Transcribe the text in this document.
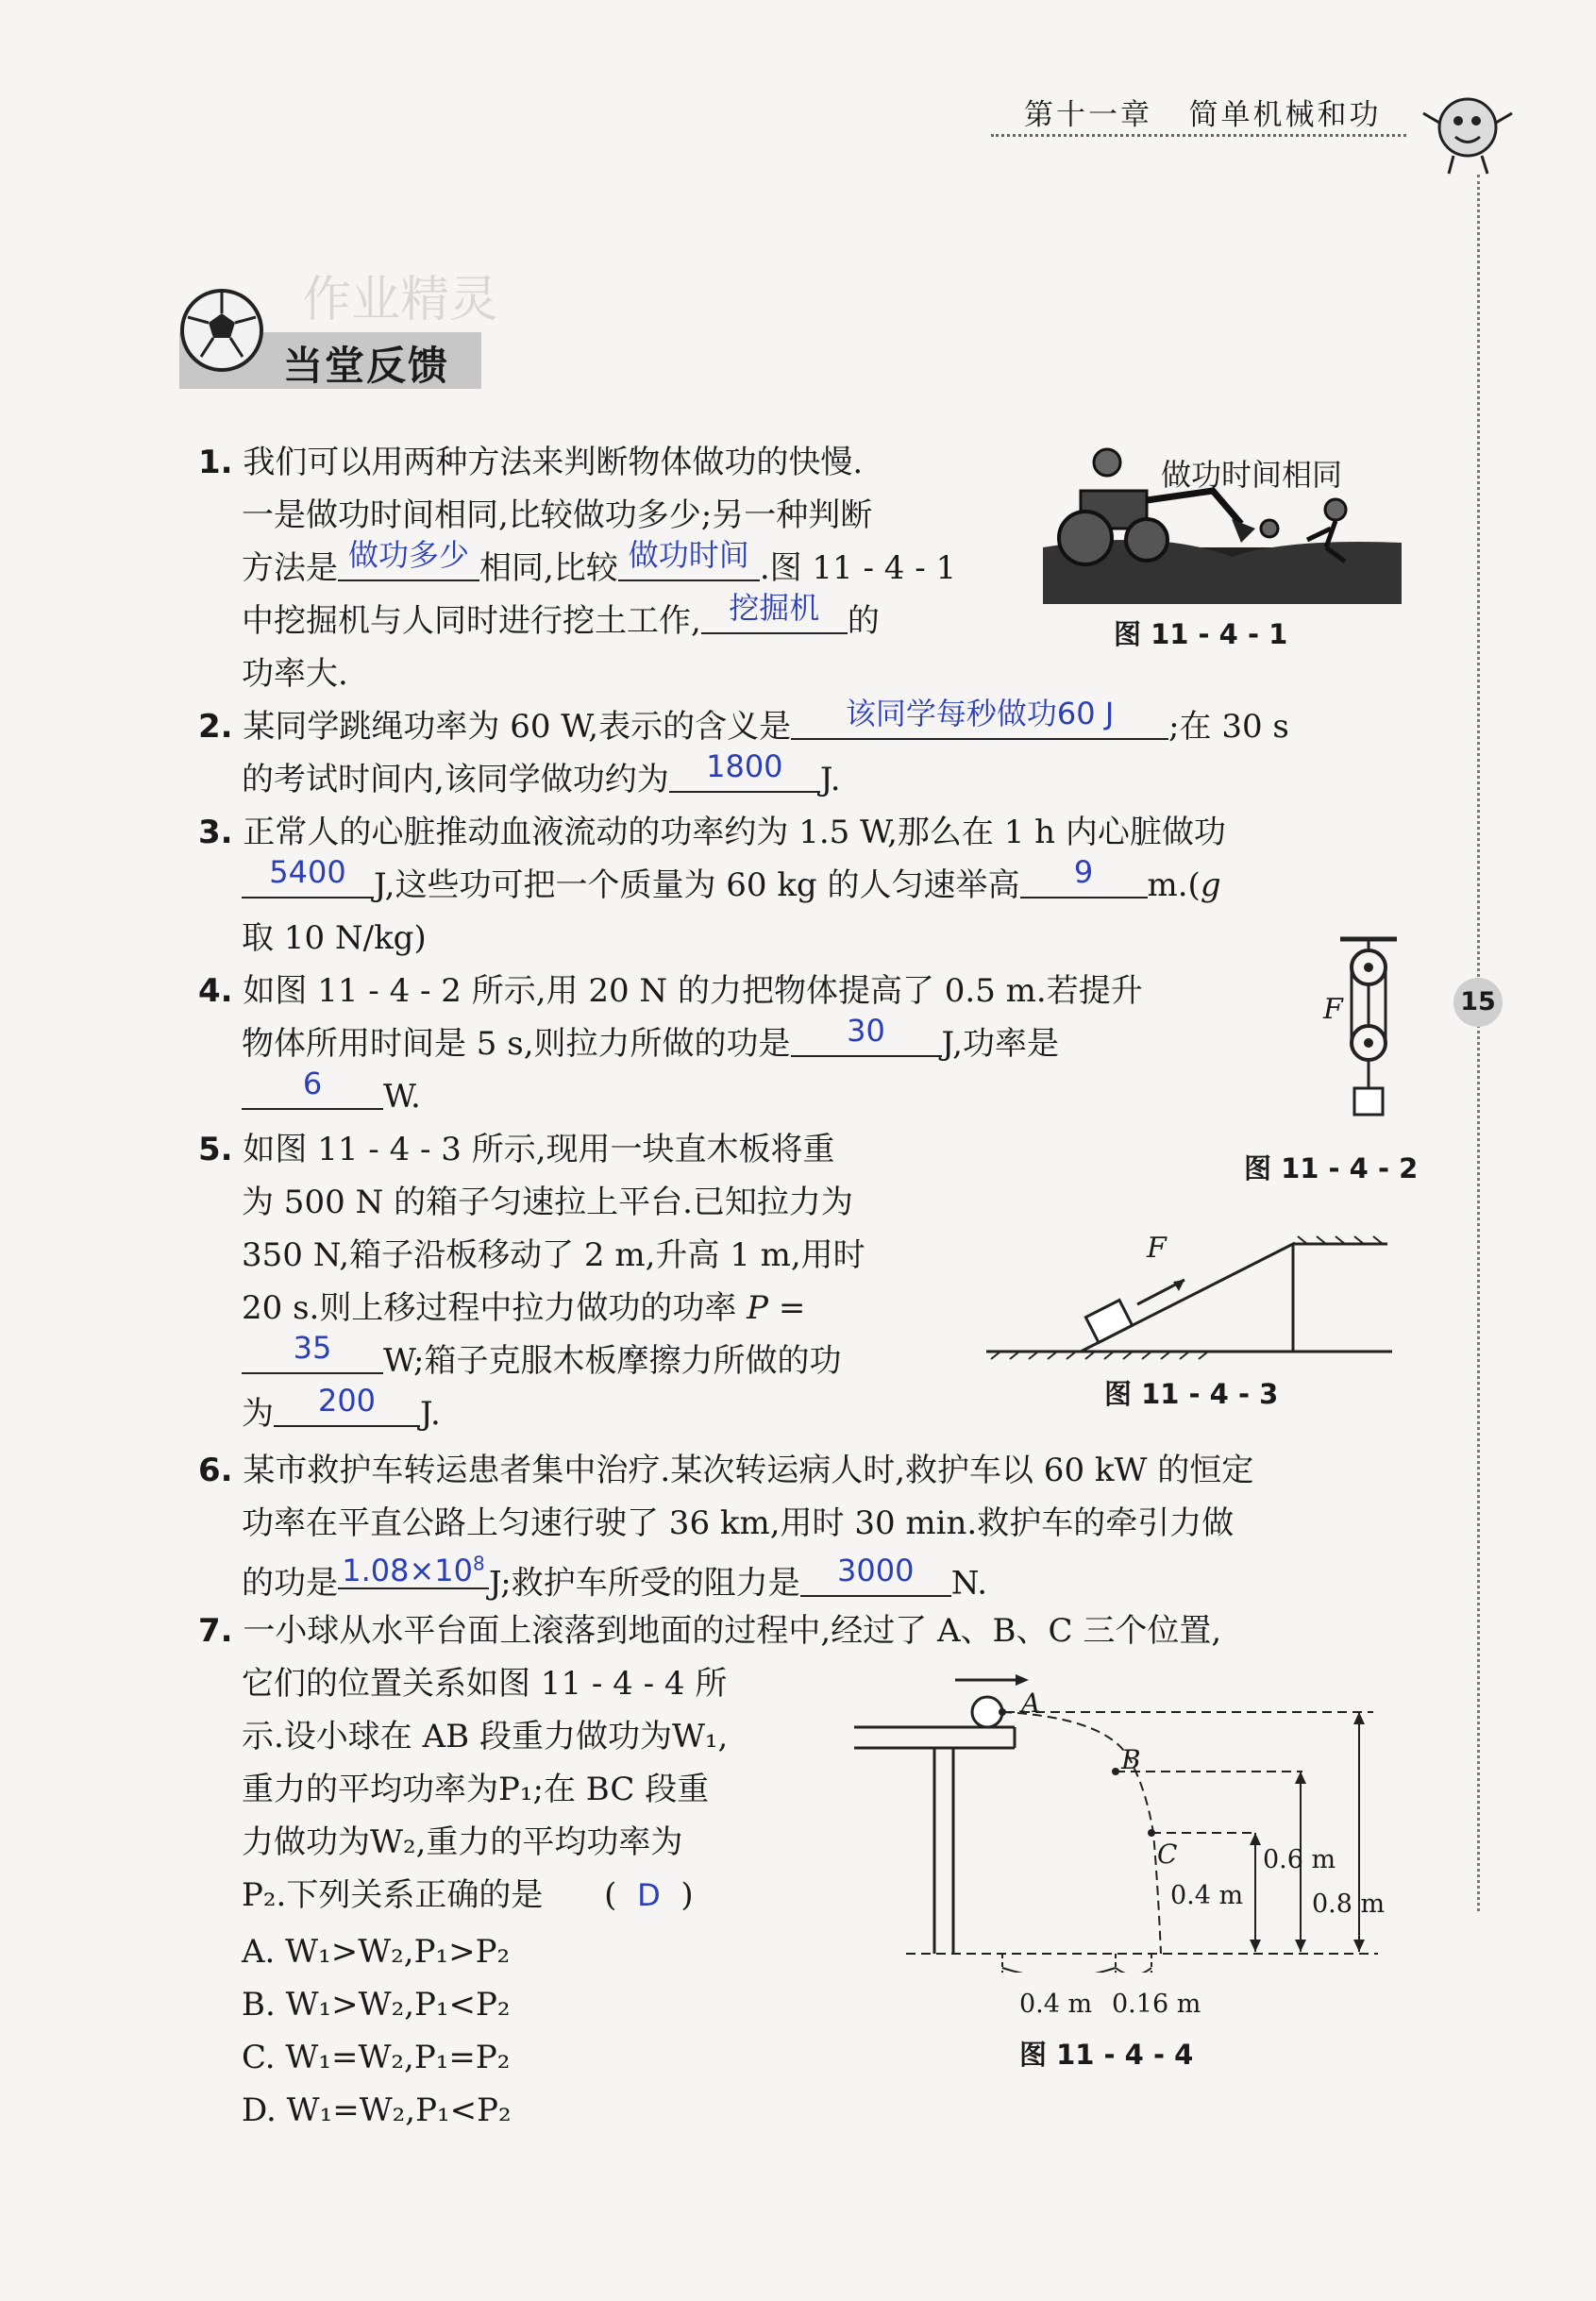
第十一章 简单机械和功
15
作业精灵
当堂反馈
1. 我们可以用两种方法来判断物体做功的快慢.
一是做功时间相同,比较做功多少;另一种判断
方法是 做功多少 相同,比较 做功时间 .图 11 - 4 - 1
中挖掘机与人同时进行挖土工作, 挖掘机 的
功率大.
做功时间相同
图 11 - 4 - 1
2. 某同学跳绳功率为 60 W,表示的含义是 该同学每秒做功60 J ;在 30 s
的考试时间内,该同学做功约为 1800 J.
3. 正常人的心脏推动血液流动的功率约为 1.5 W,那么在 1 h 内心脏做功
5400 J,这些功可把一个质量为 60 kg 的人匀速举高 9 m.(g
取 10 N/kg)
4. 如图 11 - 4 - 2 所示,用 20 N 的力把物体提高了 0.5 m.若提升
物体所用时间是 5 s,则拉力所做的功是 30 J,功率是
6 W.
F
图 11 - 4 - 2
5. 如图 11 - 4 - 3 所示,现用一块直木板将重
为 500 N 的箱子匀速拉上平台.已知拉力为
350 N,箱子沿板移动了 2 m,升高 1 m,用时
20 s.则上移过程中拉力做功的功率 P =
35 W;箱子克服木板摩擦力所做的功
为 200 J.
F
图 11 - 4 - 3
6. 某市救护车转运患者集中治疗.某次转运病人时,救护车以 60 kW 的恒定
功率在平直公路上匀速行驶了 36 km,用时 30 min.救护车的牵引力做
的功是 $1.08\times 10^8J$;救护车所受的阻力是 3000 N.
7. 一小球从水平台面上滚落到地面的过程中,经过了 A、B、C 三个位置,
它们的位置关系如图 11 - 4 - 4 所
示.设小球在 AB 段重力做功为W₁,
重力的平均功率为P₁;在 BC 段重
力做功为W₂,重力的平均功率为
P₂.下列关系正确的是      (  D  )
A. W₁>W₂,P₁>P₂
B. W₁>W₂,P₁<P₂
C. W₁=W₂,P₁=P₂
D. W₁=W₂,P₁<P₂
A
B
C	0.6 m
0.4 m	0.8 m
0.4 m 0.16 m
图 11 - 4 - 4
